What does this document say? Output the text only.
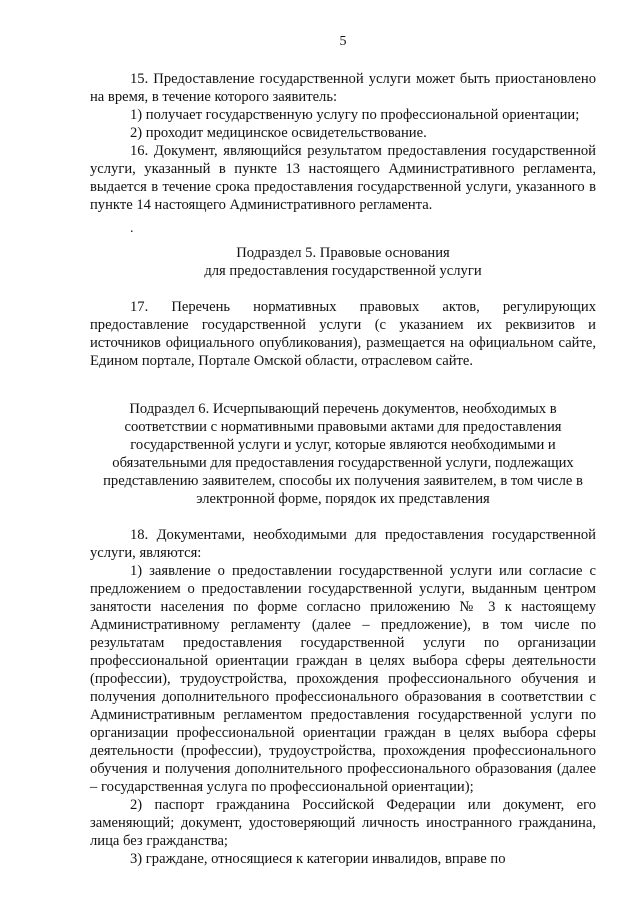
5

15. Предоставление государственной услуги может быть приостановлено на время, в течение которого заявитель:

1) получает государственную услугу по профессиональной ориентации;

2) проходит медицинское освидетельствование.

16. Документ, являющийся результатом предоставления государственной услуги, указанный в пункте 13 настоящего Административного регламента, выдается в течение срока предоставления государственной услуги, указанного в пункте 14 настоящего Административного регламента.

.

Подраздел 5. Правовые основания

для предоставления государственной услуги

17. Перечень нормативных правовых актов, регулирующих предоставление государственной услуги (с указанием их реквизитов и источников официального опубликования), размещается на официальном сайте, Едином портале, Портале Омской области, отраслевом сайте.

Подраздел 6. Исчерпывающий перечень документов, необходимых в соответствии с нормативными правовыми актами для предоставления государственной услуги и услуг, которые являются необходимыми и обязательными для предоставления государственной услуги, подлежащих представлению заявителем, способы их получения заявителем, в том числе в электронной форме, порядок их представления

18. Документами, необходимыми для предоставления государственной услуги, являются:

1) заявление о предоставлении государственной услуги или согласие с предложением о предоставлении государственной услуги, выданным центром занятости населения по форме согласно приложению № 3 к настоящему Административному регламенту (далее – предложение), в том числе по результатам предоставления государственной услуги по организации профессиональной ориентации граждан в целях выбора сферы деятельности (профессии), трудоустройства, прохождения профессионального обучения и получения дополнительного профессионального образования в соответствии с Административным регламентом предоставления государственной услуги по организации профессиональной ориентации граждан в целях выбора сферы деятельности (профессии), трудоустройства, прохождения профессионального обучения и получения дополнительного профессионального образования (далее – государственная услуга по профессиональной ориентации);

2) паспорт гражданина Российской Федерации или документ, его заменяющий; документ, удостоверяющий личность иностранного гражданина, лица без гражданства;

3) граждане, относящиеся к категории инвалидов, вправе по
